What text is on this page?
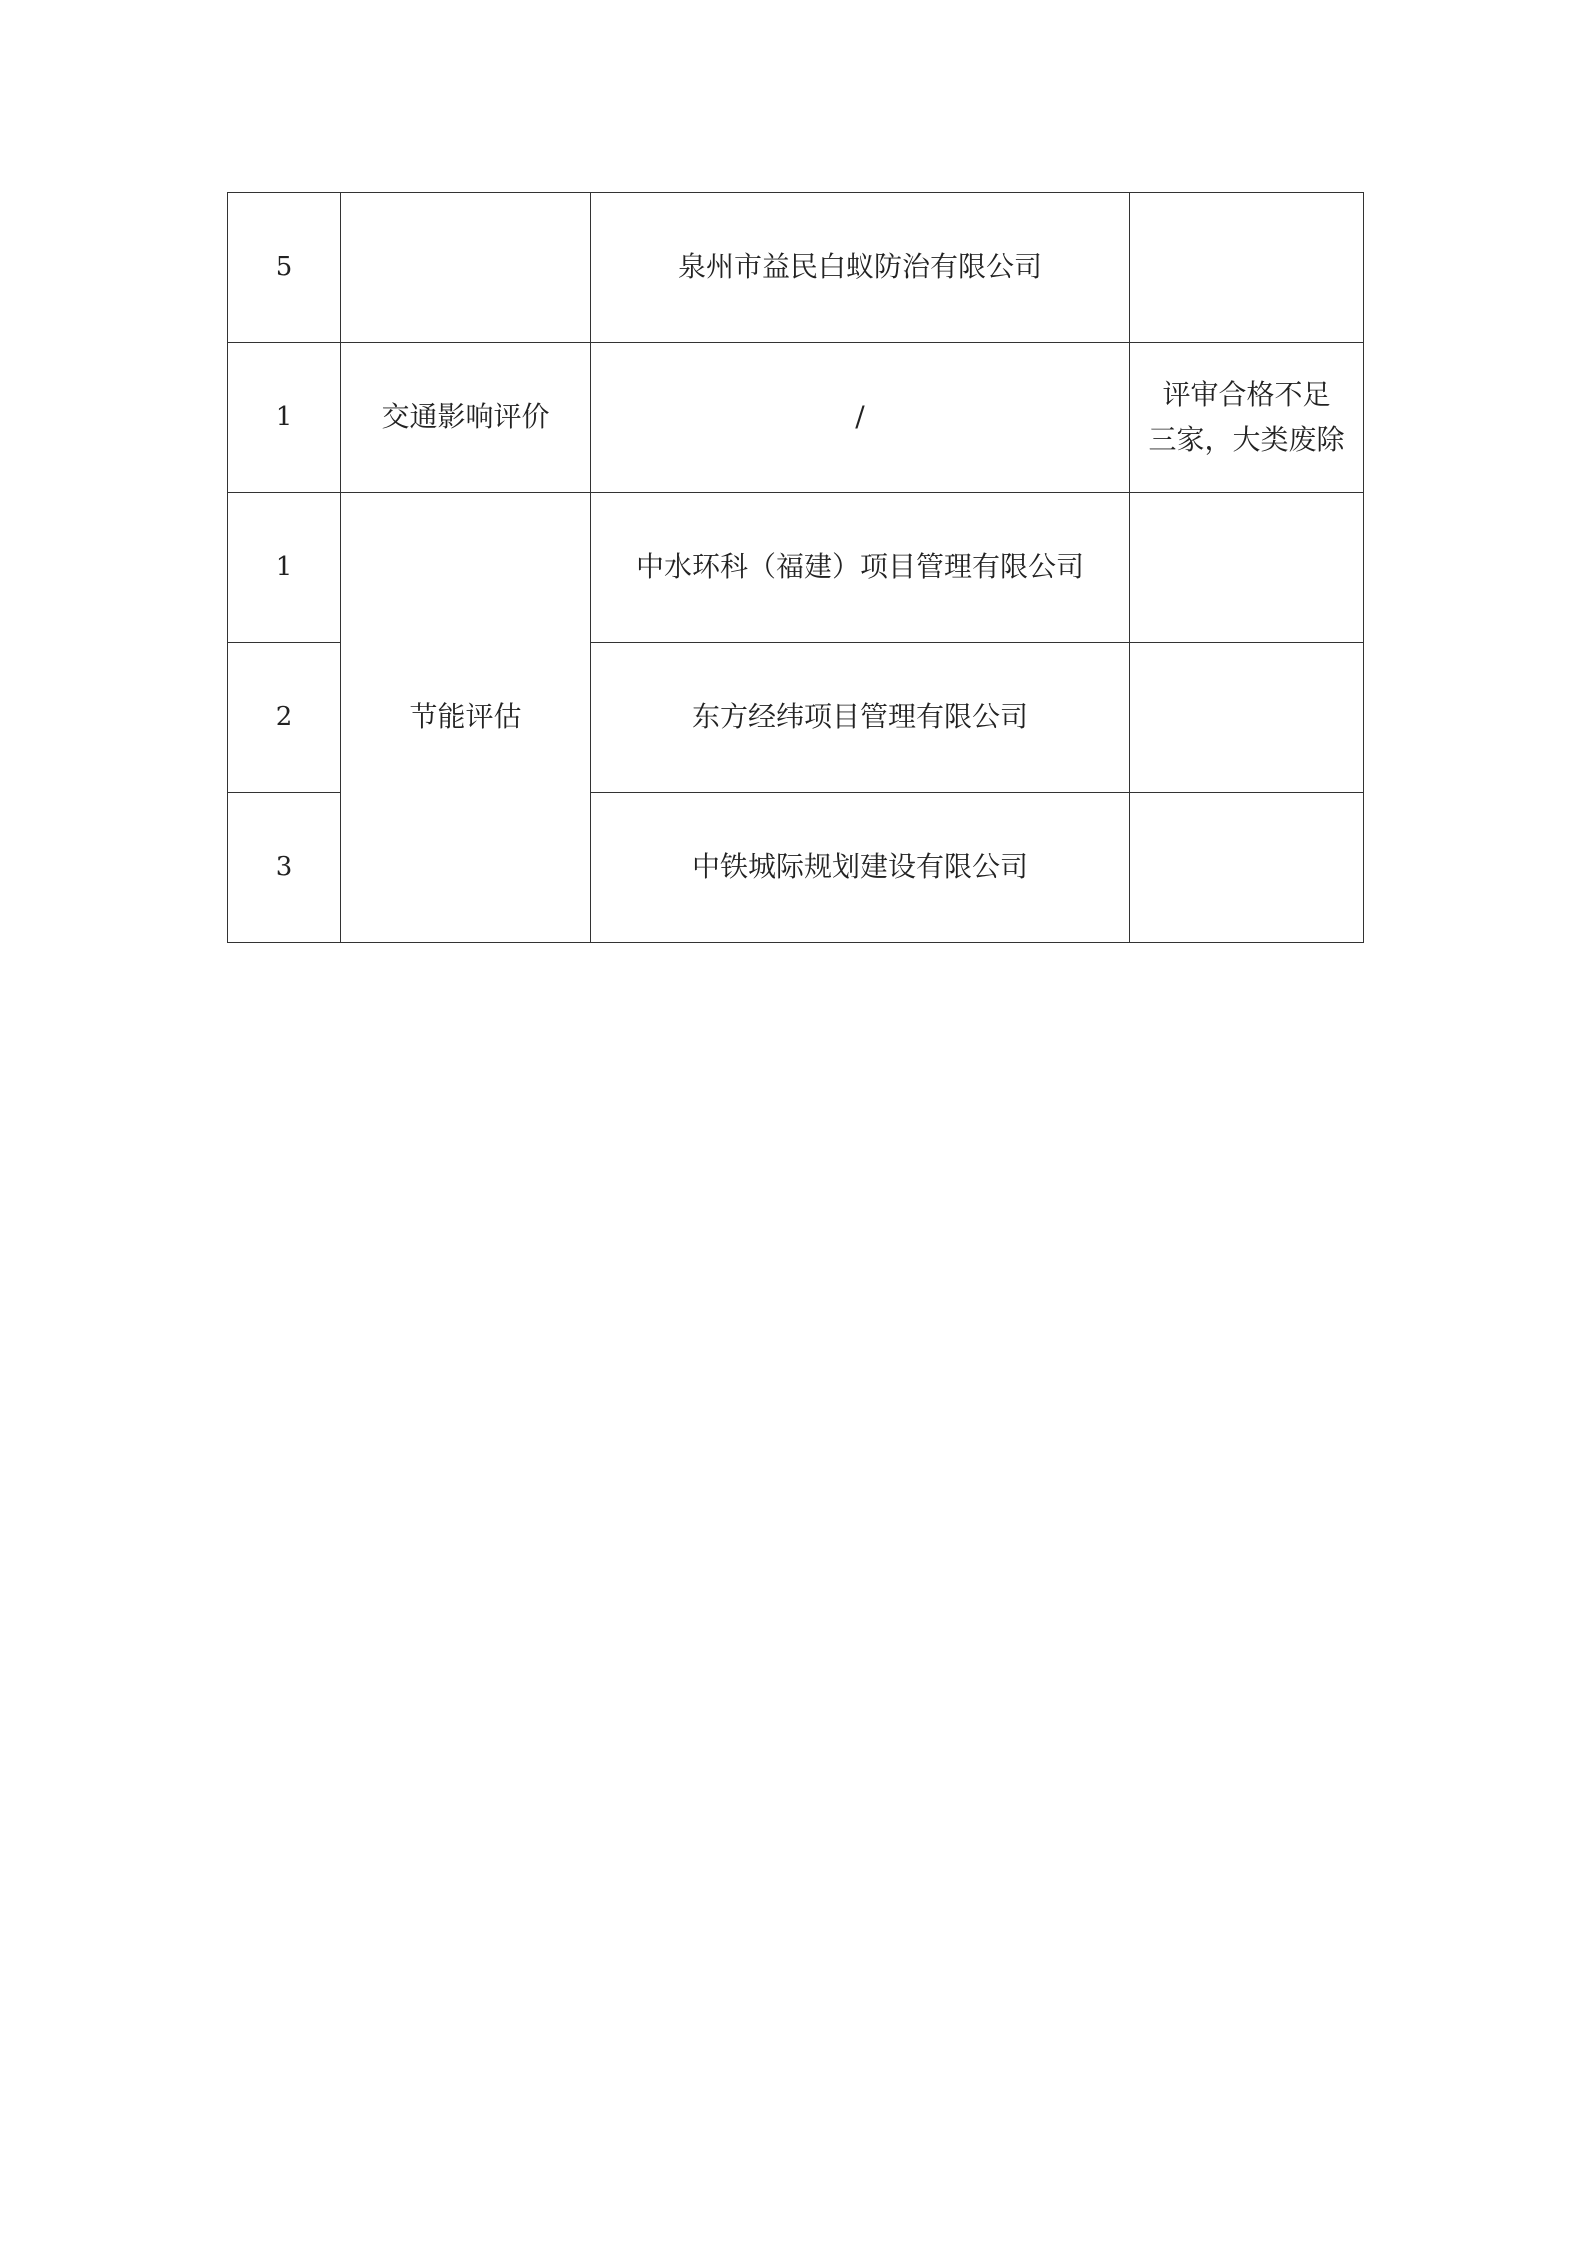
5		泉州市益民白蚁防治有限公司	
1	交通影响评价	/	评审合格不足
三家，大类废除

1	节能评估	中水环科（福建）项目管理有限公司	
2		东方经纬项目管理有限公司	
3		中铁城际规划建设有限公司	
